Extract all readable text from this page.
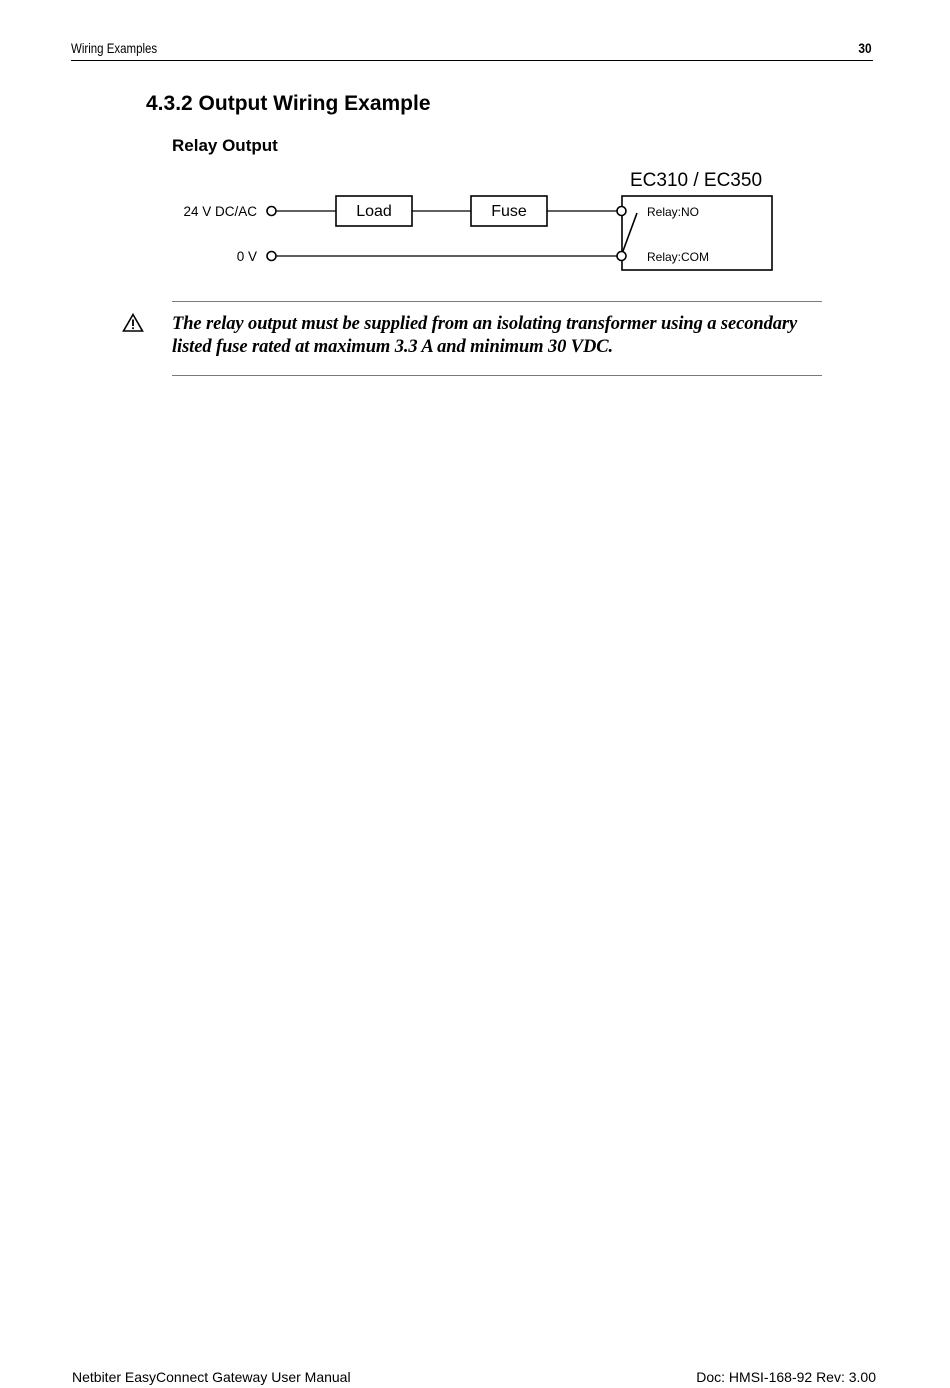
Wiring Examples	30
4.3.2 Output Wiring Example
Relay Output
EC310 / EC350
24 V DC/AC
0 V
Load	Fuse	Relay:NO
Relay:COM
The relay output must be supplied from an isolating transformer using a secondary listed fuse rated at maximum 3.3 A and minimum 30 VDC.
Netbiter EasyConnect Gateway User Manual	Doc: HMSI-168-92 Rev: 3.00
